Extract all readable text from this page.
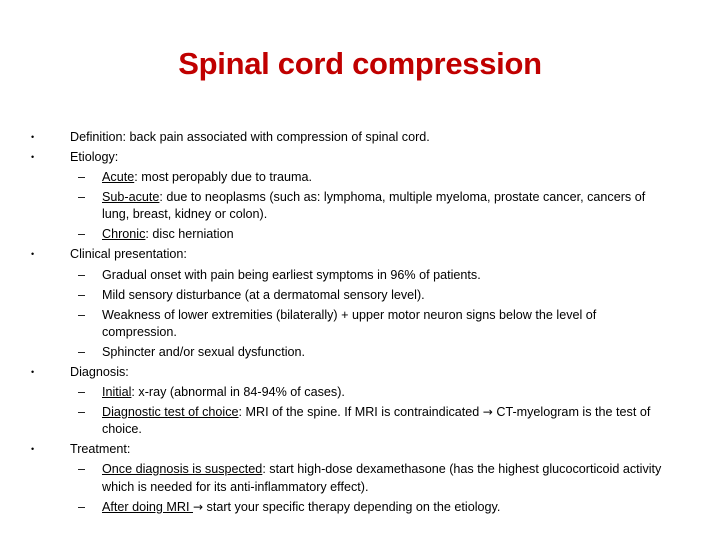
Spinal cord compression
•	Definition: back pain associated with compression of spinal cord.
•	Etiology:
– Acute: most peropably due to trauma.
– Sub-acute: due to neoplasms (such as: lymphoma, multiple myeloma, prostate cancer, cancers of
lung, breast, kidney or colon).
– Chronic: disc herniation
•	Clinical presentation:
– Gradual onset with pain being earliest symptoms in 96% of patients.
– Mild sensory disturbance (at a dermatomal sensory level).
– Weakness of lower extremities (bilaterally) + upper motor neuron signs below the level of
compression.
– Sphincter and/or sexual dysfunction.
•	Diagnosis:
– Initial: x-ray (abnormal in 84-94% of cases).
– Diagnostic test of choice: MRI of the spine. If MRI is contraindicated → CT-myelogram is the test of
choice.
•	Treatment:
– Once diagnosis is suspected: start high-dose dexamethasone (has the highest glucocorticoid activity
which is needed for its anti-inflammatory effect).
– After doing MRI → start your specific therapy depending on the etiology.
